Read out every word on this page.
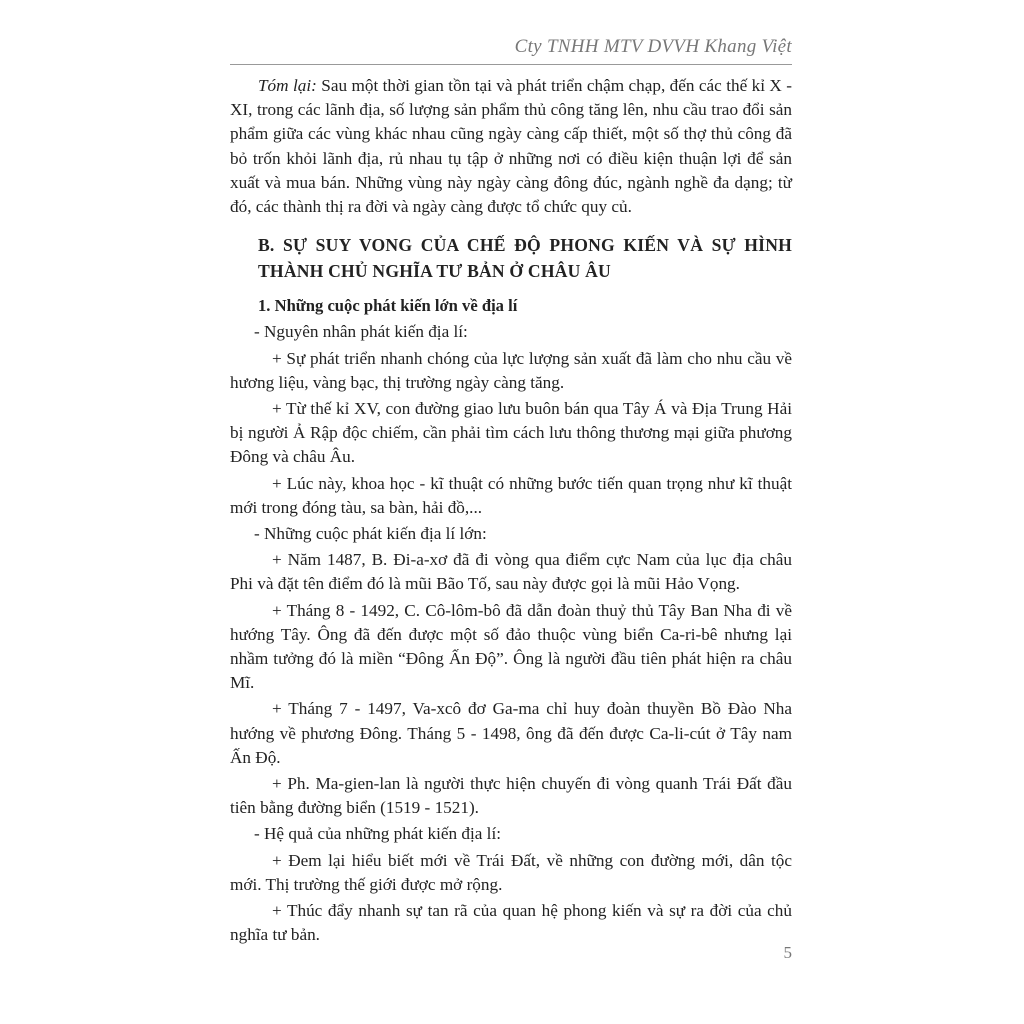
Cty TNHH MTV DVVH Khang Việt

Tóm lại: Sau một thời gian tồn tại và phát triển chậm chạp, đến các thế kỉ X - XI, trong các lãnh địa, số lượng sản phẩm thủ công tăng lên, nhu cầu trao đổi sản phẩm giữa các vùng khác nhau cũng ngày càng cấp thiết, một số thợ thủ công đã bỏ trốn khỏi lãnh địa, rủ nhau tụ tập ở những nơi có điều kiện thuận lợi để sản xuất và mua bán. Những vùng này ngày càng đông đúc, ngành nghề đa dạng; từ đó, các thành thị ra đời và ngày càng được tổ chức quy củ.

B. SỰ SUY VONG CỦA CHẾ ĐỘ PHONG KIẾN VÀ SỰ HÌNH THÀNH CHỦ NGHĨA TƯ BẢN Ở CHÂU ÂU

1. Những cuộc phát kiến lớn về địa lí

- Nguyên nhân phát kiến địa lí:

+ Sự phát triển nhanh chóng của lực lượng sản xuất đã làm cho nhu cầu về hương liệu, vàng bạc, thị trường ngày càng tăng.

+ Từ thế kỉ XV, con đường giao lưu buôn bán qua Tây Á và Địa Trung Hải bị người Ả Rập độc chiếm, cần phải tìm cách lưu thông thương mại giữa phương Đông và châu Âu.

+ Lúc này, khoa học - kĩ thuật có những bước tiến quan trọng như kĩ thuật mới trong đóng tàu, sa bàn, hải đồ,...

- Những cuộc phát kiến địa lí lớn:

+ Năm 1487, B. Đi-a-xơ đã đi vòng qua điểm cực Nam của lục địa châu Phi và đặt tên điểm đó là mũi Bão Tố, sau này được gọi là mũi Hảo Vọng.

+ Tháng 8 - 1492, C. Cô-lôm-bô đã dẫn đoàn thuỷ thủ Tây Ban Nha đi về hướng Tây. Ông đã đến được một số đảo thuộc vùng biển Ca-ri-bê nhưng lại nhầm tưởng đó là miền “Đông Ấn Độ”. Ông là người đầu tiên phát hiện ra châu Mĩ.

+ Tháng 7 - 1497, Va-xcô đơ Ga-ma chỉ huy đoàn thuyền Bồ Đào Nha hướng về phương Đông. Tháng 5 - 1498, ông đã đến được Ca-li-cút ở Tây nam Ấn Độ.

+ Ph. Ma-gien-lan là người thực hiện chuyến đi vòng quanh Trái Đất đầu tiên bằng đường biển (1519 - 1521).

- Hệ quả của những phát kiến địa lí:

+ Đem lại hiểu biết mới về Trái Đất, về những con đường mới, dân tộc mới. Thị trường thế giới được mở rộng.

+ Thúc đẩy nhanh sự tan rã của quan hệ phong kiến và sự ra đời của chủ nghĩa tư bản.

5
